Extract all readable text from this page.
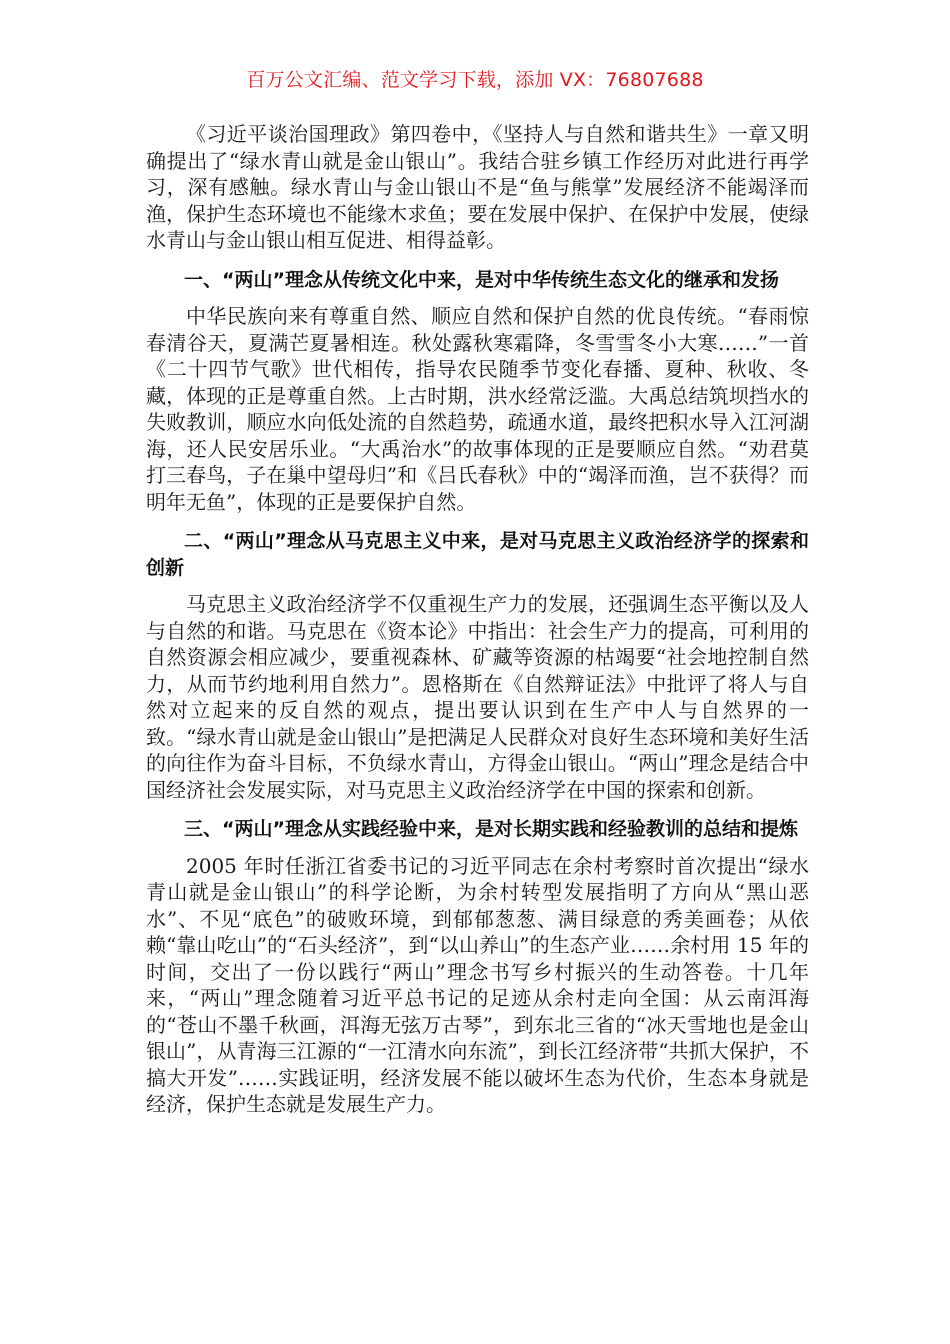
百万公文汇编、范文学习下载，添加 VX：76807688

《习近平谈治国理政》第四卷中，《坚持人与自然和谐共生》一章又明确提出了“绿水青山就是金山银山”。我结合驻乡镇工作经历对此进行再学习，深有感触。绿水青山与金山银山不是“鱼与熊掌”发展经济不能竭泽而渔，保护生态环境也不能缘木求鱼；要在发展中保护、在保护中发展，使绿水青山与金山银山相互促进、相得益彰。

一、“两山”理念从传统文化中来，是对中华传统生态文化的继承和发扬

中华民族向来有尊重自然、顺应自然和保护自然的优良传统。“春雨惊春清谷天，夏满芒夏暑相连。秋处露秋寒霜降，冬雪雪冬小大寒……”一首《二十四节气歌》世代相传，指导农民随季节变化春播、夏种、秋收、冬藏，体现的正是尊重自然。上古时期，洪水经常泛滥。大禹总结筑坝挡水的失败教训，顺应水向低处流的自然趋势，疏通水道，最终把积水导入江河湖海，还人民安居乐业。“大禹治水”的故事体现的正是要顺应自然。“劝君莫打三春鸟，子在巢中望母归”和《吕氏春秋》中的“竭泽而渔，岂不获得？而明年无鱼”，体现的正是要保护自然。

二、“两山”理念从马克思主义中来，是对马克思主义政治经济学的探索和创新

马克思主义政治经济学不仅重视生产力的发展，还强调生态平衡以及人与自然的和谐。马克思在《资本论》中指出：社会生产力的提高，可利用的自然资源会相应减少，要重视森林、矿藏等资源的枯竭要“社会地控制自然力，从而节约地利用自然力”。恩格斯在《自然辩证法》中批评了将人与自然对立起来的反自然的观点，提出要认识到在生产中人与自然界的一致。“绿水青山就是金山银山”是把满足人民群众对良好生态环境和美好生活的向往作为奋斗目标，不负绿水青山，方得金山银山。“两山”理念是结合中国经济社会发展实际，对马克思主义政治经济学在中国的探索和创新。

三、“两山”理念从实践经验中来，是对长期实践和经验教训的总结和提炼

2005 年时任浙江省委书记的习近平同志在余村考察时首次提出“绿水青山就是金山银山”的科学论断，为余村转型发展指明了方向从“黑山恶水”、不见“底色”的破败环境，到郁郁葱葱、满目绿意的秀美画卷；从依赖“靠山吃山”的“石头经济”，到“以山养山”的生态产业……余村用 15 年的时间，交出了一份以践行“两山”理念书写乡村振兴的生动答卷。十几年来，“两山”理念随着习近平总书记的足迹从余村走向全国：从云南洱海的“苍山不墨千秋画，洱海无弦万古琴”，到东北三省的“冰天雪地也是金山银山”，从青海三江源的“一江清水向东流”，到长江经济带“共抓大保护，不搞大开发”……实践证明，经济发展不能以破坏生态为代价，生态本身就是经济，保护生态就是发展生产力。
